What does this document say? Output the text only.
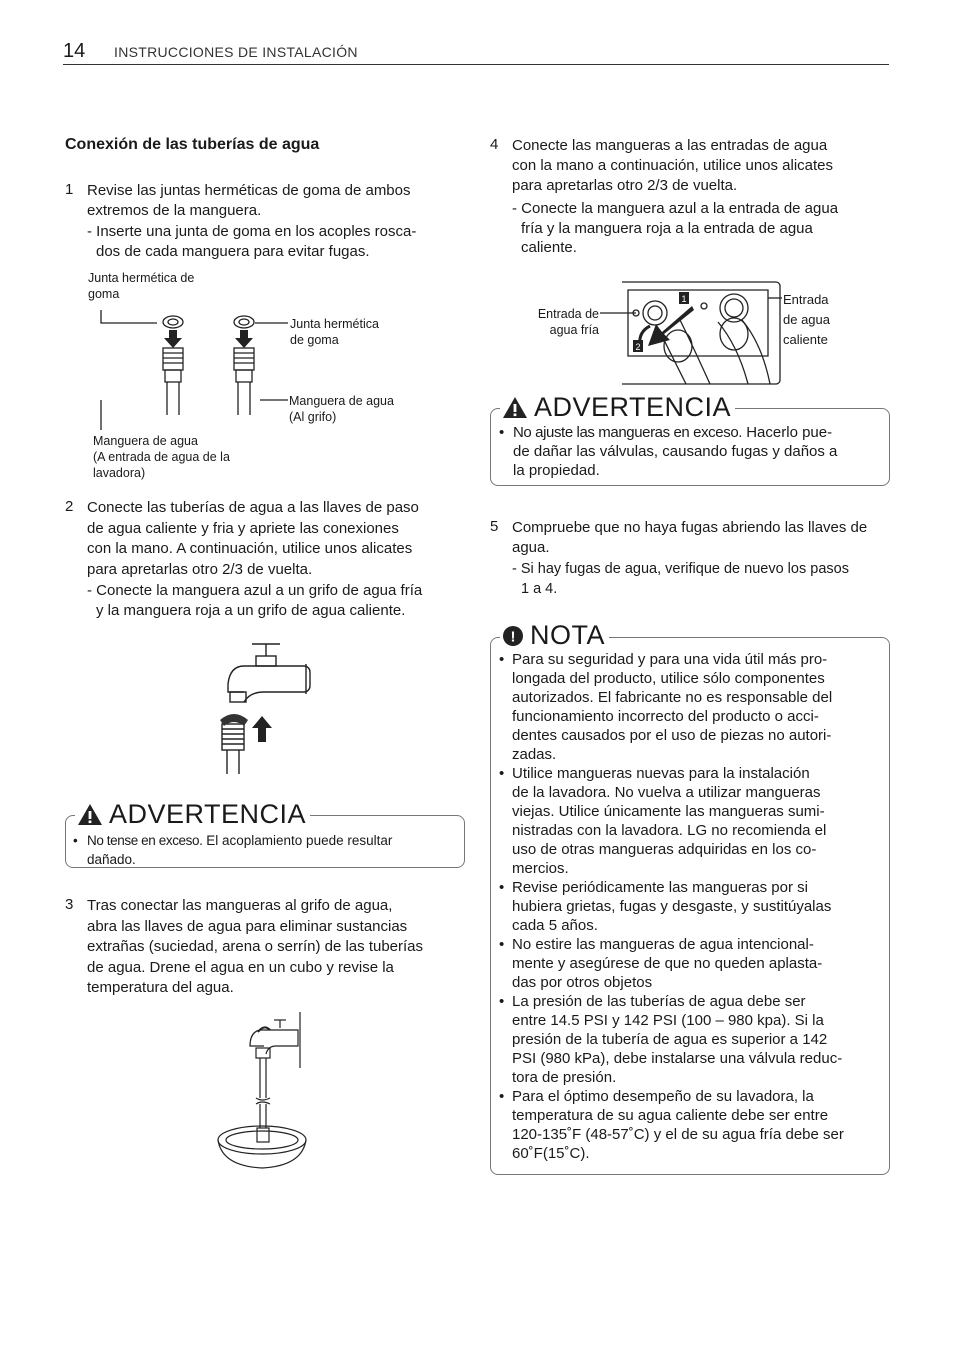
14 INSTRUCCIONES DE INSTALACIÓN
Conexión de las tuberías de agua
1 Revise las juntas herméticas de goma de ambos
extremos de la manguera.
- Inserte una junta de goma en los acoples rosca-
dos de cada manguera para evitar fugas.
Junta hermética de
goma
Junta hermética
de goma
Manguera de agua
(Al grifo)
Manguera de agua
(A entrada de agua de la
lavadora)
2 Conecte las tuberías de agua a las llaves de paso
de agua caliente y fria y apriete las conexiones
con la mano. A continuación, utilice unos alicates
para apretarlas otro 2/3 de vuelta.
- Conecte la manguera azul a un grifo de agua fría
y la manguera roja a un grifo de agua caliente.
ADVERTENCIA
• No tense en exceso. El acoplamiento puede resultar
dañado.
3 Tras conectar las mangueras al grifo de agua,
abra las llaves de agua para eliminar sustancias
extrañas (suciedad, arena o serrín) de las tuberías
de agua. Drene el agua en un cubo y revise la
temperatura del agua.
4 Conecte las mangueras a las entradas de agua
con la mano a continuación, utilice unos alicates
para apretarlas otro 2/3 de vuelta.
- Conecte la manguera azul a la entrada de agua
fría y la manguera roja a la entrada de agua
caliente.
Entrada de
agua fría
Entrada
de agua
caliente
1
2
ADVERTENCIA
• No ajuste las mangueras en exceso. Hacerlo pue-
de dañar las válvulas, causando fugas y daños a
la propiedad.
5 Compruebe que no haya fugas abriendo las llaves de
agua.
- Si hay fugas de agua, verifique de nuevo los pasos
1 a 4.
! NOTA
• Para su seguridad y para una vida útil más pro-
longada del producto, utilice sólo componentes
autorizados. El fabricante no es responsable del
funcionamiento incorrecto del producto o acci-
dentes causados por el uso de piezas no autori-
zadas.
• Utilice mangueras nuevas para la instalación
de la lavadora. No vuelva a utilizar mangueras
viejas. Utilice únicamente las mangueras sumi-
nistradas con la lavadora. LG no recomienda el
uso de otras mangueras adquiridas en los co-
mercios.
• Revise periódicamente las mangueras por si
hubiera grietas, fugas y desgaste, y sustitúyalas
cada 5 años.
• No estire las mangueras de agua intencional-
mente y asegúrese de que no queden aplasta-
das por otros objetos
• La presión de las tuberías de agua debe ser
entre 14.5 PSI y 142 PSI (100 – 980 kpa). Si la
presión de la tubería de agua es superior a 142
PSI (980 kPa), debe instalarse una válvula reduc-
tora de presión.
• Para el óptimo desempeño de su lavadora, la
temperatura de su agua caliente debe ser entre
120-135˚F (48-57˚C) y el de su agua fría debe ser
60˚F(15˚C).
